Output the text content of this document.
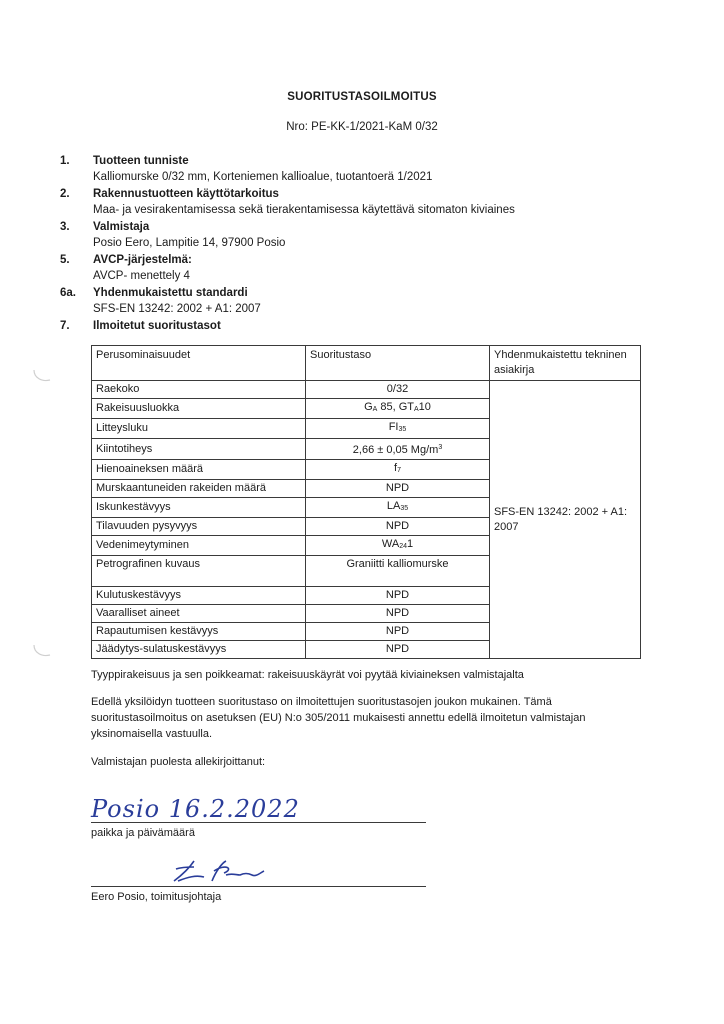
SUORITUSTASOILMOITUS
Nro: PE-KK-1/2021-KaM 0/32
1.	Tuotteen tunniste
Kalliomurske 0/32 mm, Korteniemen kallioalue, tuotantoerä 1/2021
2.	Rakennustuotteen käyttötarkoitus
Maa- ja vesirakentamisessa sekä tierakentamisessa käytettävä sitomaton kiviaines
3.	Valmistaja
Posio Eero, Lampitie 14, 97900 Posio
5.	AVCP-järjestelmä:
AVCP- menettely 4
6a.	Yhdenmukaistettu standardi
SFS-EN 13242: 2002 + A1: 2007
7.	Ilmoitetut suoritustasot
Perusominaisuudet	Suoritustaso	Yhdenmukaistettu tekninen asiakirja
Raekoko	0/32	SFS-EN 13242: 2002 + A1: 2007
Rakeisuusluokka	$G_A$ 85, $GT_A10$	
Litteysluku	$FI_{35}$
Kiintotiheys	2,66 ± 0,05 $Mg/m^3$
Hienoaineksen määrä	$f_7$
Murskaantuneiden rakeiden määrä	NPD	
Iskunkestävyys	$LA_{35}$
Tilavuuden pysyvyys	NPD	
Vedenimeytyminen	$WA_{24}1$	
Petrografinen kuvaus	Graniitti kalliomurske	
Kulutuskestävyys	NPD	
Vaaralliset aineet	NPD	
Rapautumisen kestävyys	NPD	
Jäädytys-sulatuskestävyys	NPD	
Tyyppirakeisuus ja sen poikkeamat: rakeisuuskäyrät voi pyytää kiviaineksen valmistajalta
Edellä yksilöidyn tuotteen suoritustaso on ilmoitettujen suoritustasojen joukon mukainen. Tämä suoritustasoilmoitus on asetuksen (EU) N:o 305/2011 mukaisesti annettu edellä ilmoitetun valmistajan yksinomaisella vastuulla.
Valmistajan puolesta allekirjoittanut:
Posio 16.2.2022
paikka ja päivämäärä
Eero Posio, toimitusjohtaja
